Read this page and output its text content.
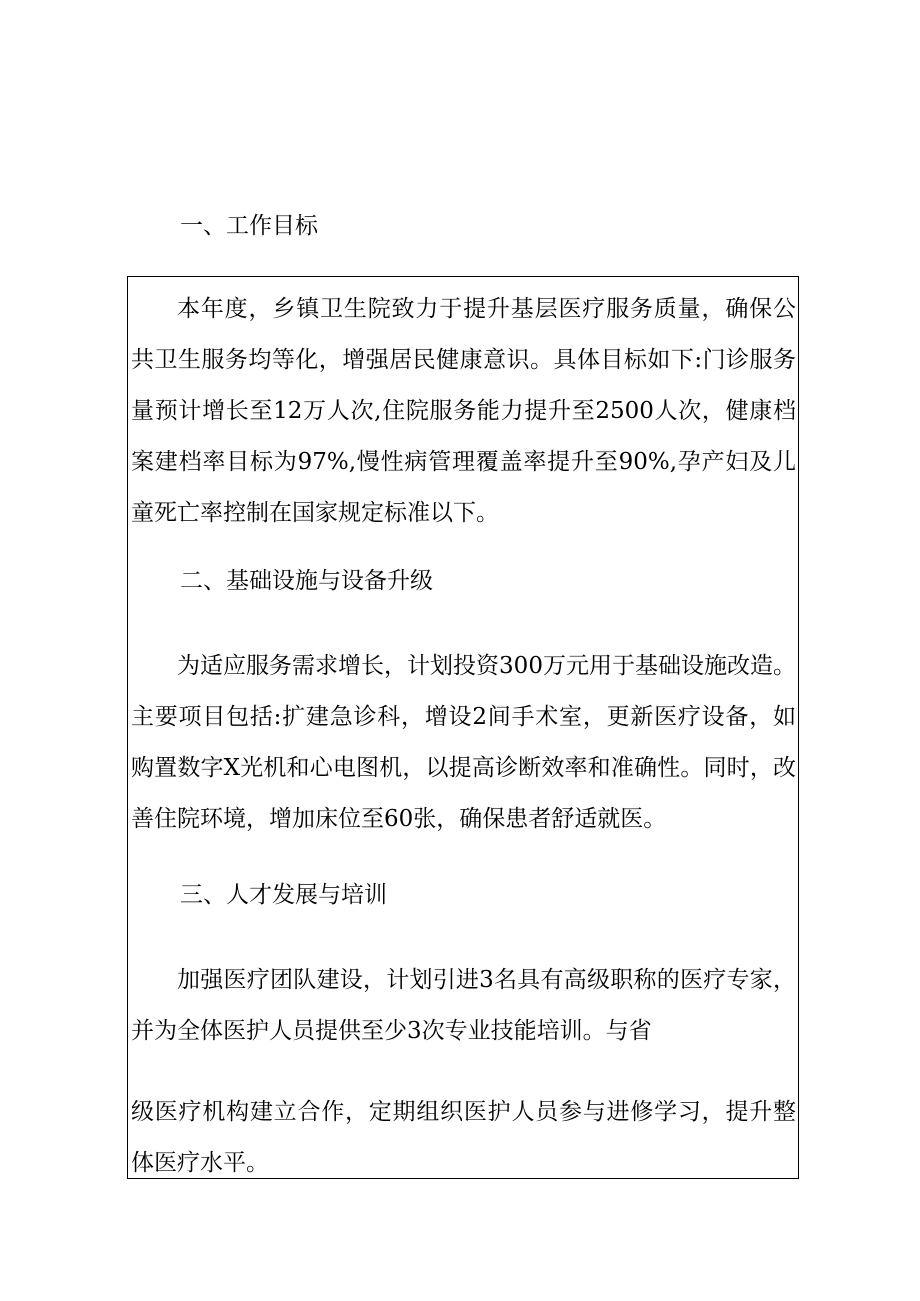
一、工作目标

本年度，乡镇卫生院致力于提升基层医疗服务质量，确保公共卫生服务均等化，增强居民健康意识。具体目标如下:门诊服务量预计增长至12万人次,住院服务能力提升至2500人次，健康档案建档率目标为97%,慢性病管理覆盖率提升至90%,孕产妇及儿童死亡率控制在国家规定标准以下。

二、基础设施与设备升级

为适应服务需求增长，计划投资300万元用于基础设施改造。主要项目包括:扩建急诊科，增设2间手术室，更新医疗设备，如购置数字X光机和心电图机，以提高诊断效率和准确性。同时，改善住院环境，增加床位至60张，确保患者舒适就医。

三、人才发展与培训

加强医疗团队建设，计划引进3名具有高级职称的医疗专家，并为全体医护人员提供至少3次专业技能培训。与省

级医疗机构建立合作，定期组织医护人员参与进修学习，提升整体医疗水平。
